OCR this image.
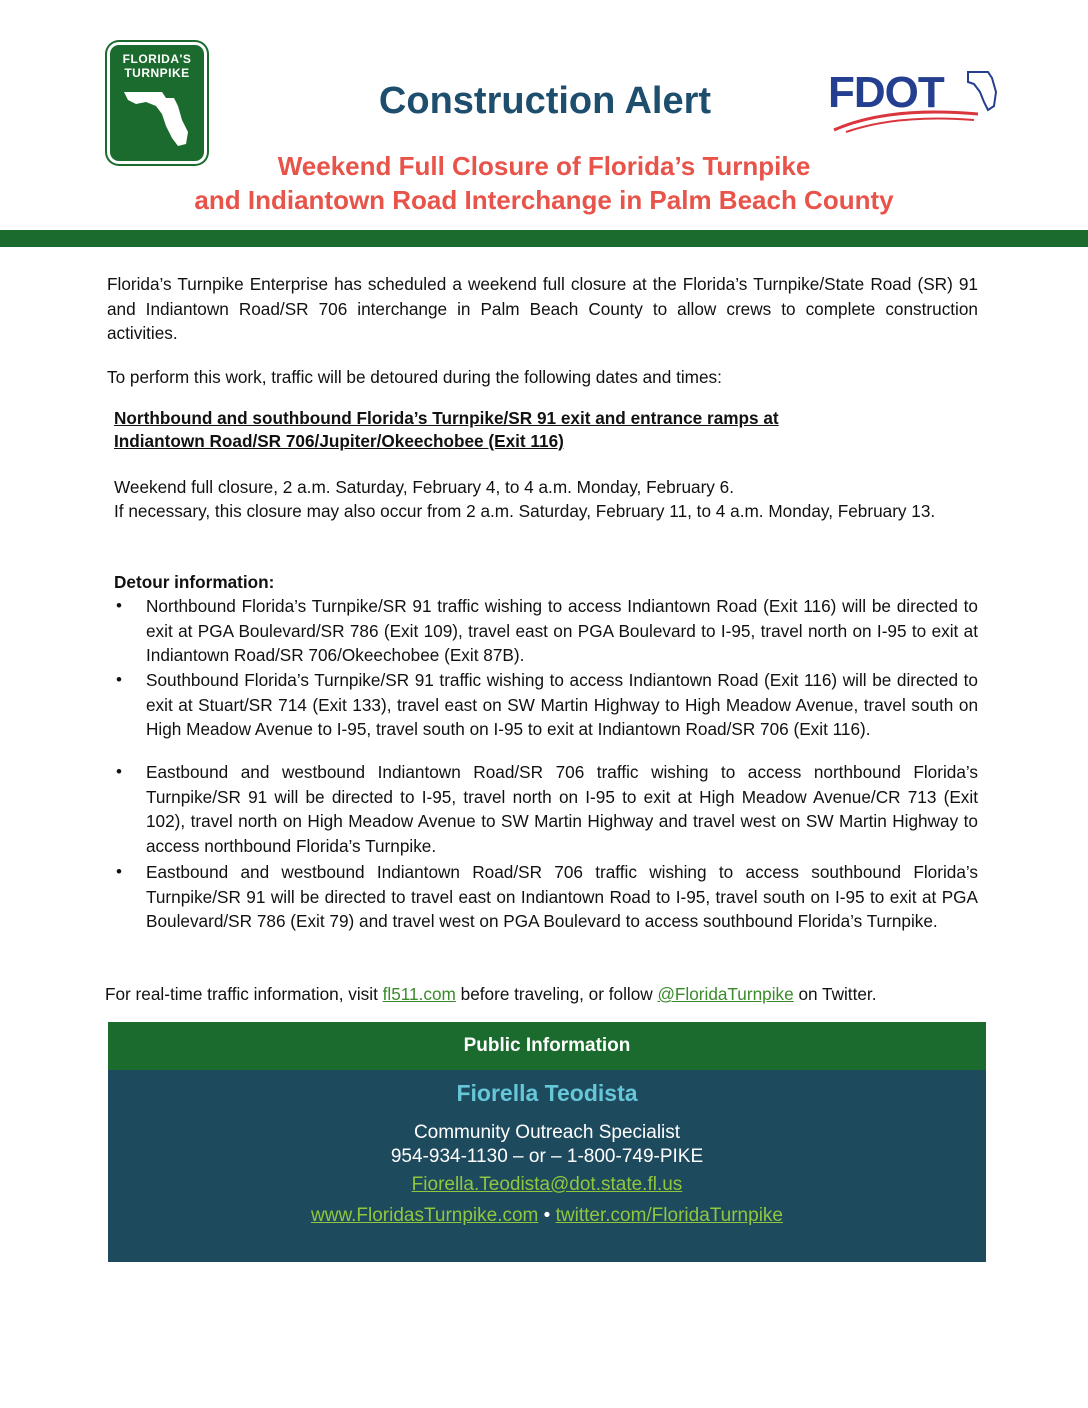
FLORIDA'S
TURNPIKE
Construction Alert	FDOT
Weekend Full Closure of Florida’s Turnpike
and Indiantown Road Interchange in Palm Beach County
Florida’s Turnpike Enterprise has scheduled a weekend full closure at the Florida’s Turnpike/State Road (SR) 91 and Indiantown Road/SR 706 interchange in Palm Beach County to allow crews to complete construction activities.
To perform this work, traffic will be detoured during the following dates and times:
Northbound and southbound Florida’s Turnpike/SR 91 exit and entrance ramps at
Indiantown Road/SR 706/Jupiter/Okeechobee (Exit 116)
Weekend full closure, 2 a.m. Saturday, February 4, to 4 a.m. Monday, February 6.
If necessary, this closure may also occur from 2 a.m. Saturday, February 11, to 4 a.m. Monday, February 13.
Detour information:
• Northbound Florida’s Turnpike/SR 91 traffic wishing to access Indiantown Road (Exit 116) will be directed to exit at PGA Boulevard/SR 786 (Exit 109), travel east on PGA Boulevard to I-95, travel north on I-95 to exit at Indiantown Road/SR 706/Okeechobee (Exit 87B).
• Southbound Florida’s Turnpike/SR 91 traffic wishing to access Indiantown Road (Exit 116) will be directed to exit at Stuart/SR 714 (Exit 133), travel east on SW Martin Highway to High Meadow Avenue, travel south on High Meadow Avenue to I-95, travel south on I-95 to exit at Indiantown Road/SR 706 (Exit 116).
• Eastbound and westbound Indiantown Road/SR 706 traffic wishing to access northbound Florida’s Turnpike/SR 91 will be directed to I-95, travel north on I-95 to exit at High Meadow Avenue/CR 713 (Exit 102), travel north on High Meadow Avenue to SW Martin Highway and travel west on SW Martin Highway to access northbound Florida’s Turnpike.
• Eastbound and westbound Indiantown Road/SR 706 traffic wishing to access southbound Florida’s Turnpike/SR 91 will be directed to travel east on Indiantown Road to I-95, travel south on I-95 to exit at PGA Boulevard/SR 786 (Exit 79) and travel west on PGA Boulevard to access southbound Florida’s Turnpike.
For real-time traffic information, visit fl511.com before traveling, or follow @FloridaTurnpike on Twitter.
Public Information
Fiorella Teodista
Community Outreach Specialist
954-934-1130 – or – 1-800-749-PIKE
Fiorella.Teodista@dot.state.fl.us
www.FloridasTurnpike.com • twitter.com/FloridaTurnpike
